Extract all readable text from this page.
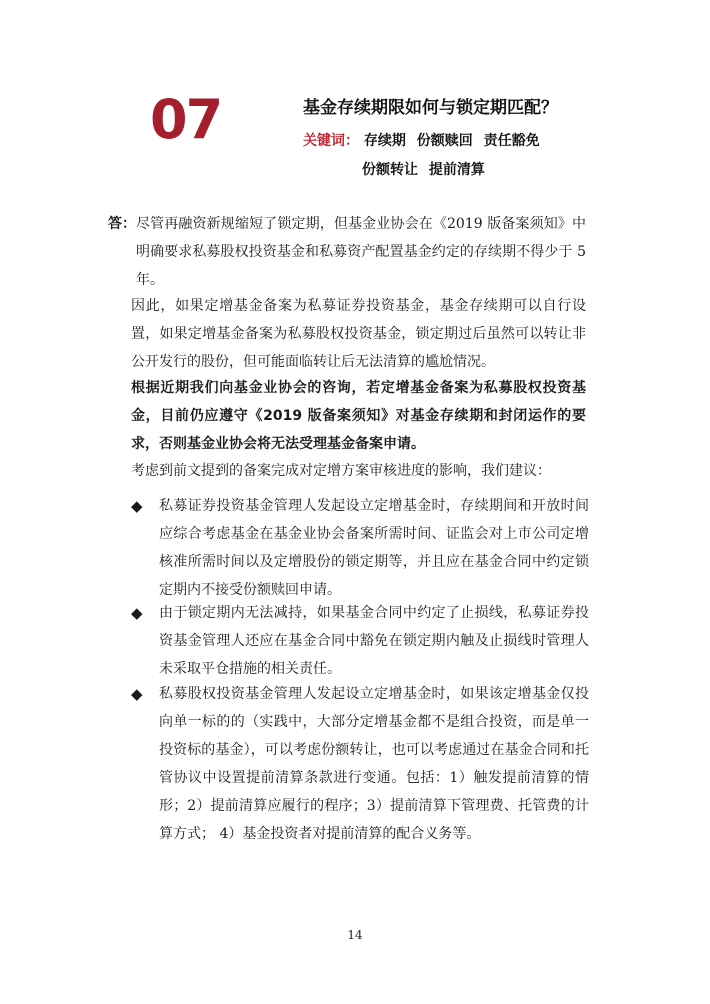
07	基金存续期限如何与锁定期匹配？
关键词： 存续期 份额赎回 责任豁免
份额转让 提前清算
答： 尽管再融资新规缩短了锁定期，但基金业协会在《2019 版备案须知》中明确要求私募股权投资基金和私募资产配置基金约定的存续期不得少于 5 年。
因此，如果定增基金备案为私募证券投资基金，基金存续期可以自行设置，如果定增基金备案为私募股权投资基金，锁定期过后虽然可以转让非公开发行的股份，但可能面临转让后无法清算的尴尬情况。
根据近期我们向基金业协会的咨询，若定增基金备案为私募股权投资基金，目前仍应遵守《2019 版备案须知》对基金存续期和封闭运作的要求，否则基金业协会将无法受理基金备案申请。
考虑到前文提到的备案完成对定增方案审核进度的影响，我们建议：
◆ 私募证券投资基金管理人发起设立定增基金时，存续期间和开放时间应综合考虑基金在基金业协会备案所需时间、证监会对上市公司定增核准所需时间以及定增股份的锁定期等，并且应在基金合同中约定锁定期内不接受份额赎回申请。
◆ 由于锁定期内无法减持，如果基金合同中约定了止损线，私募证券投资基金管理人还应在基金合同中豁免在锁定期内触及止损线时管理人未采取平仓措施的相关责任。
◆ 私募股权投资基金管理人发起设立定增基金时，如果该定增基金仅投向单一标的的（实践中，大部分定增基金都不是组合投资，而是单一投资标的基金），可以考虑份额转让，也可以考虑通过在基金合同和托管协议中设置提前清算条款进行变通。包括：1）触发提前清算的情形；2）提前清算应履行的程序；3）提前清算下管理费、托管费的计算方式； 4）基金投资者对提前清算的配合义务等。
14
